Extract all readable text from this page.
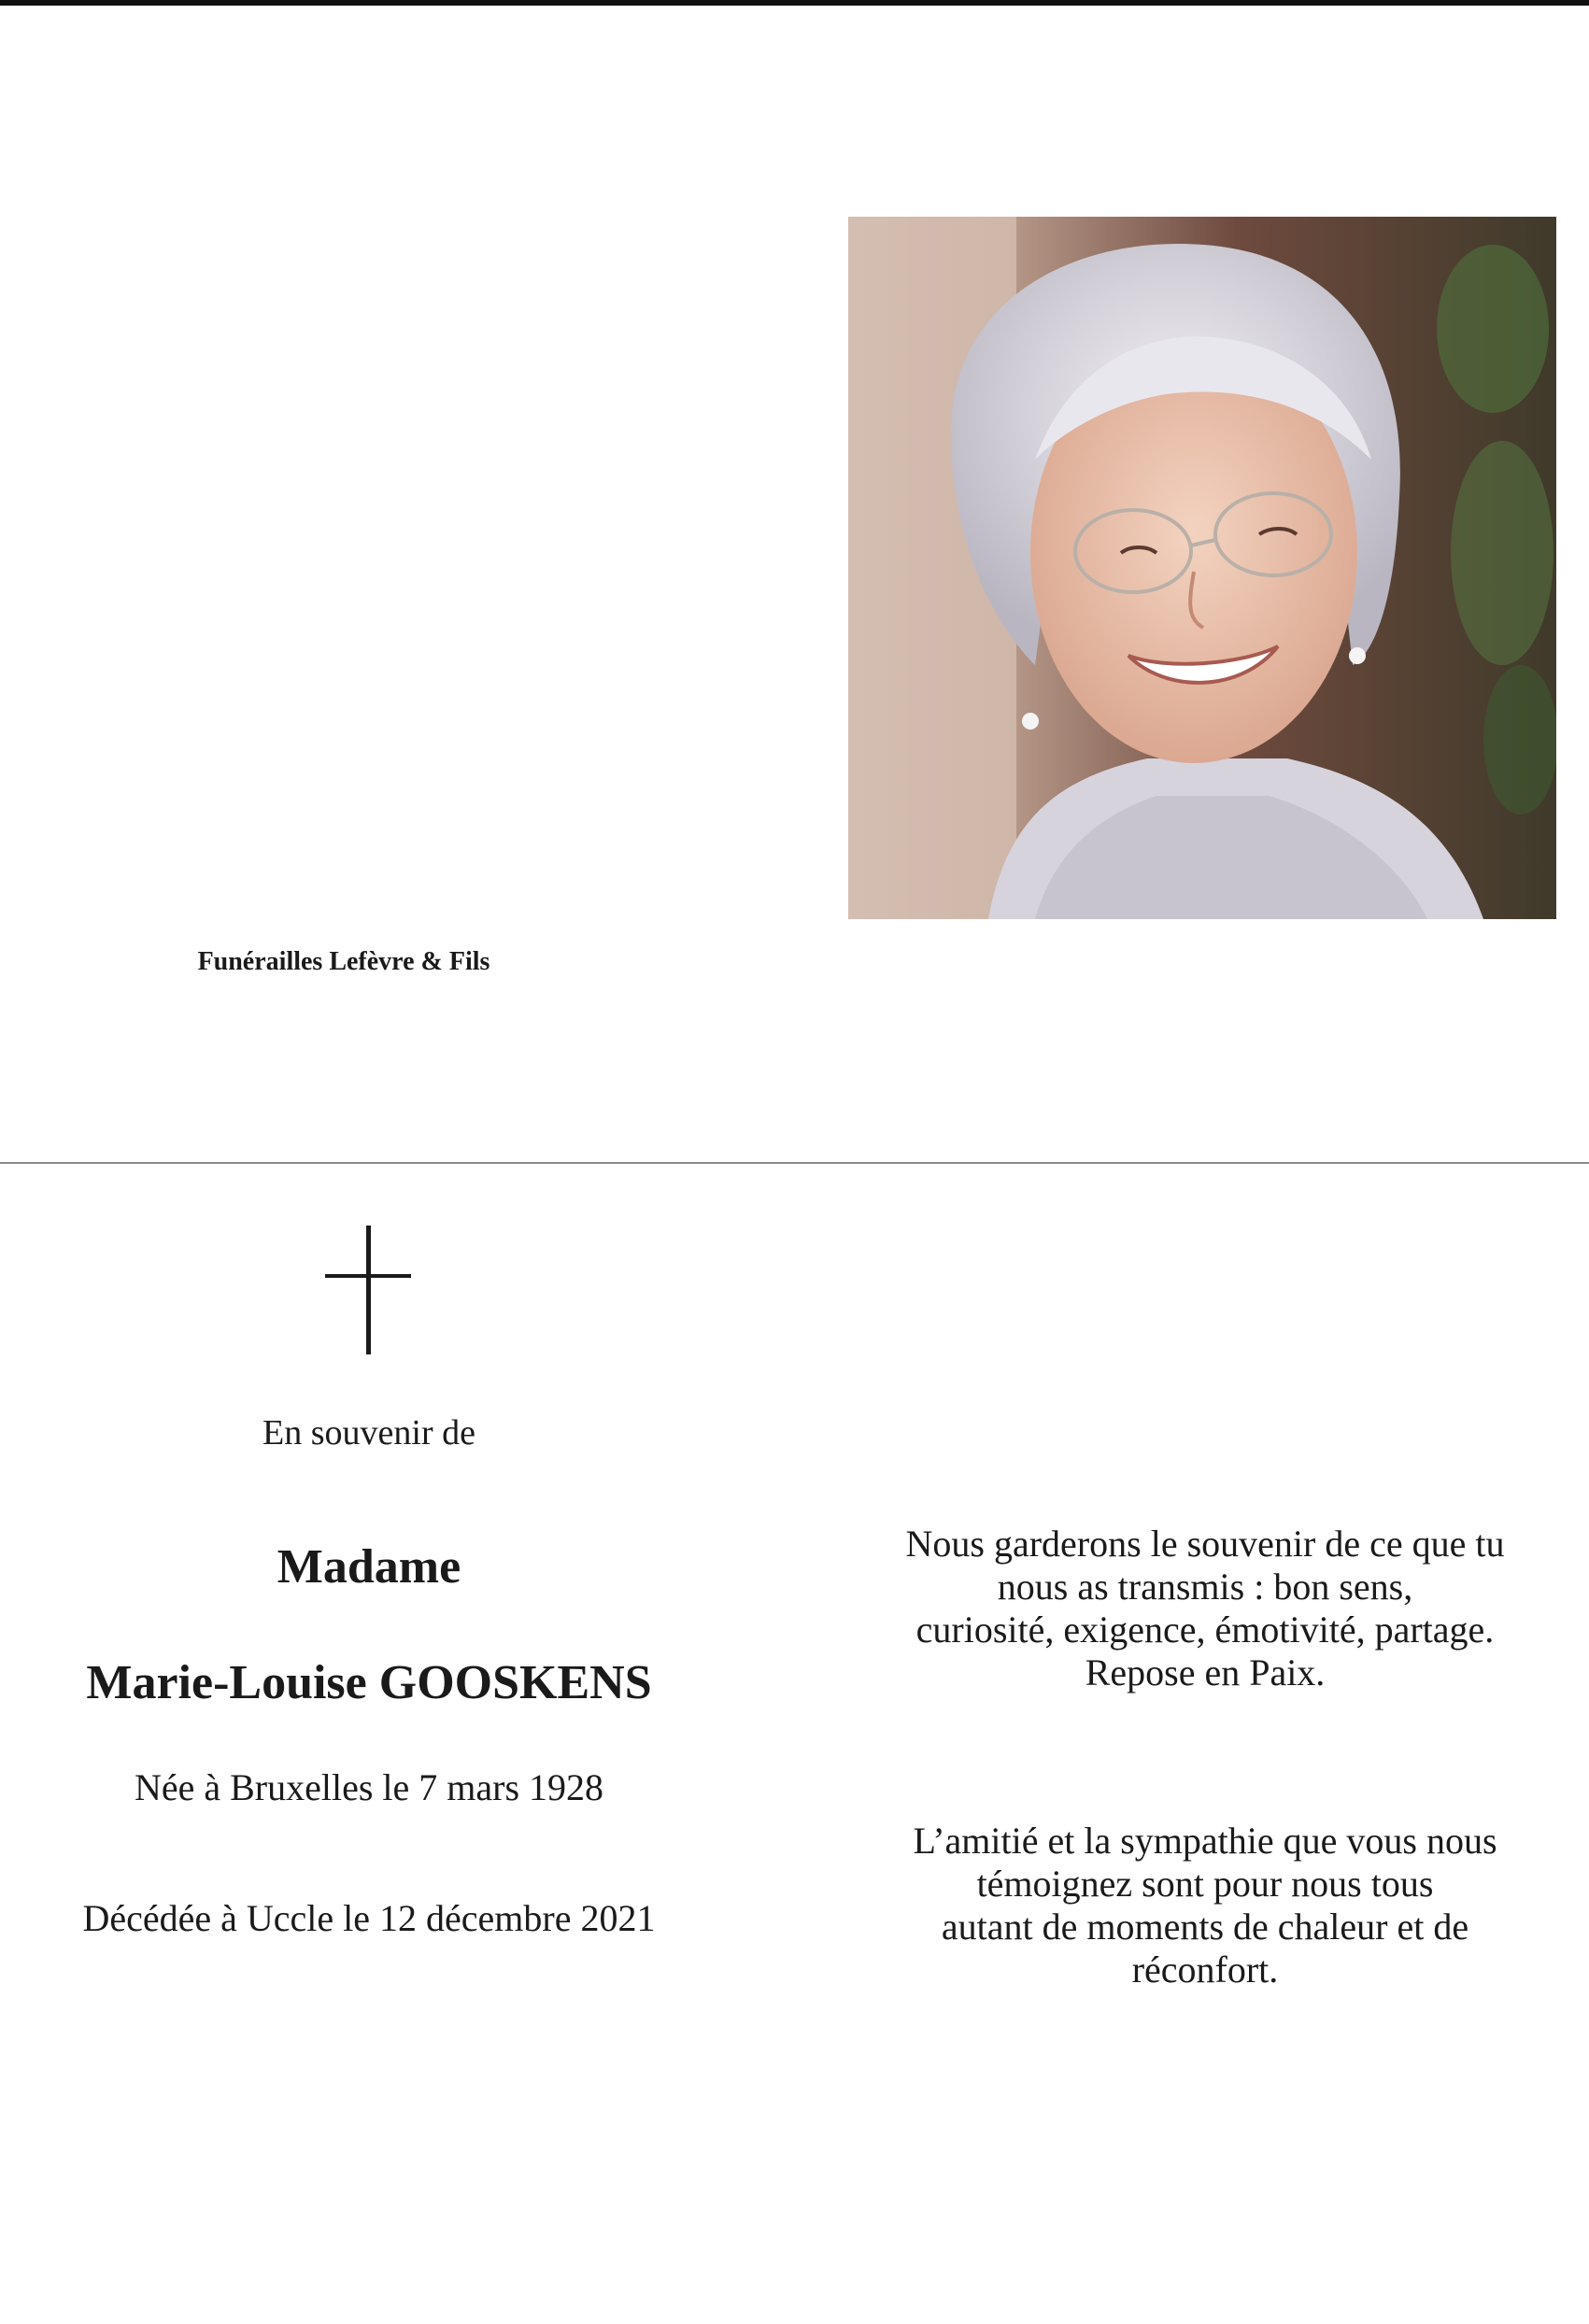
Funérailles Lefèvre & Fils
En souvenir de
Madame
Marie-Louise GOOSKENS
Née à Bruxelles le 7 mars 1928
Décédée à Uccle le 12 décembre 2021
Nous garderons le souvenir de ce que tu
nous as transmis : bon sens,
curiosité, exigence, émotivité, partage.
Repose en Paix.
L’amitié et la sympathie que vous nous
témoignez sont pour nous tous
autant de moments de chaleur et de
réconfort.
